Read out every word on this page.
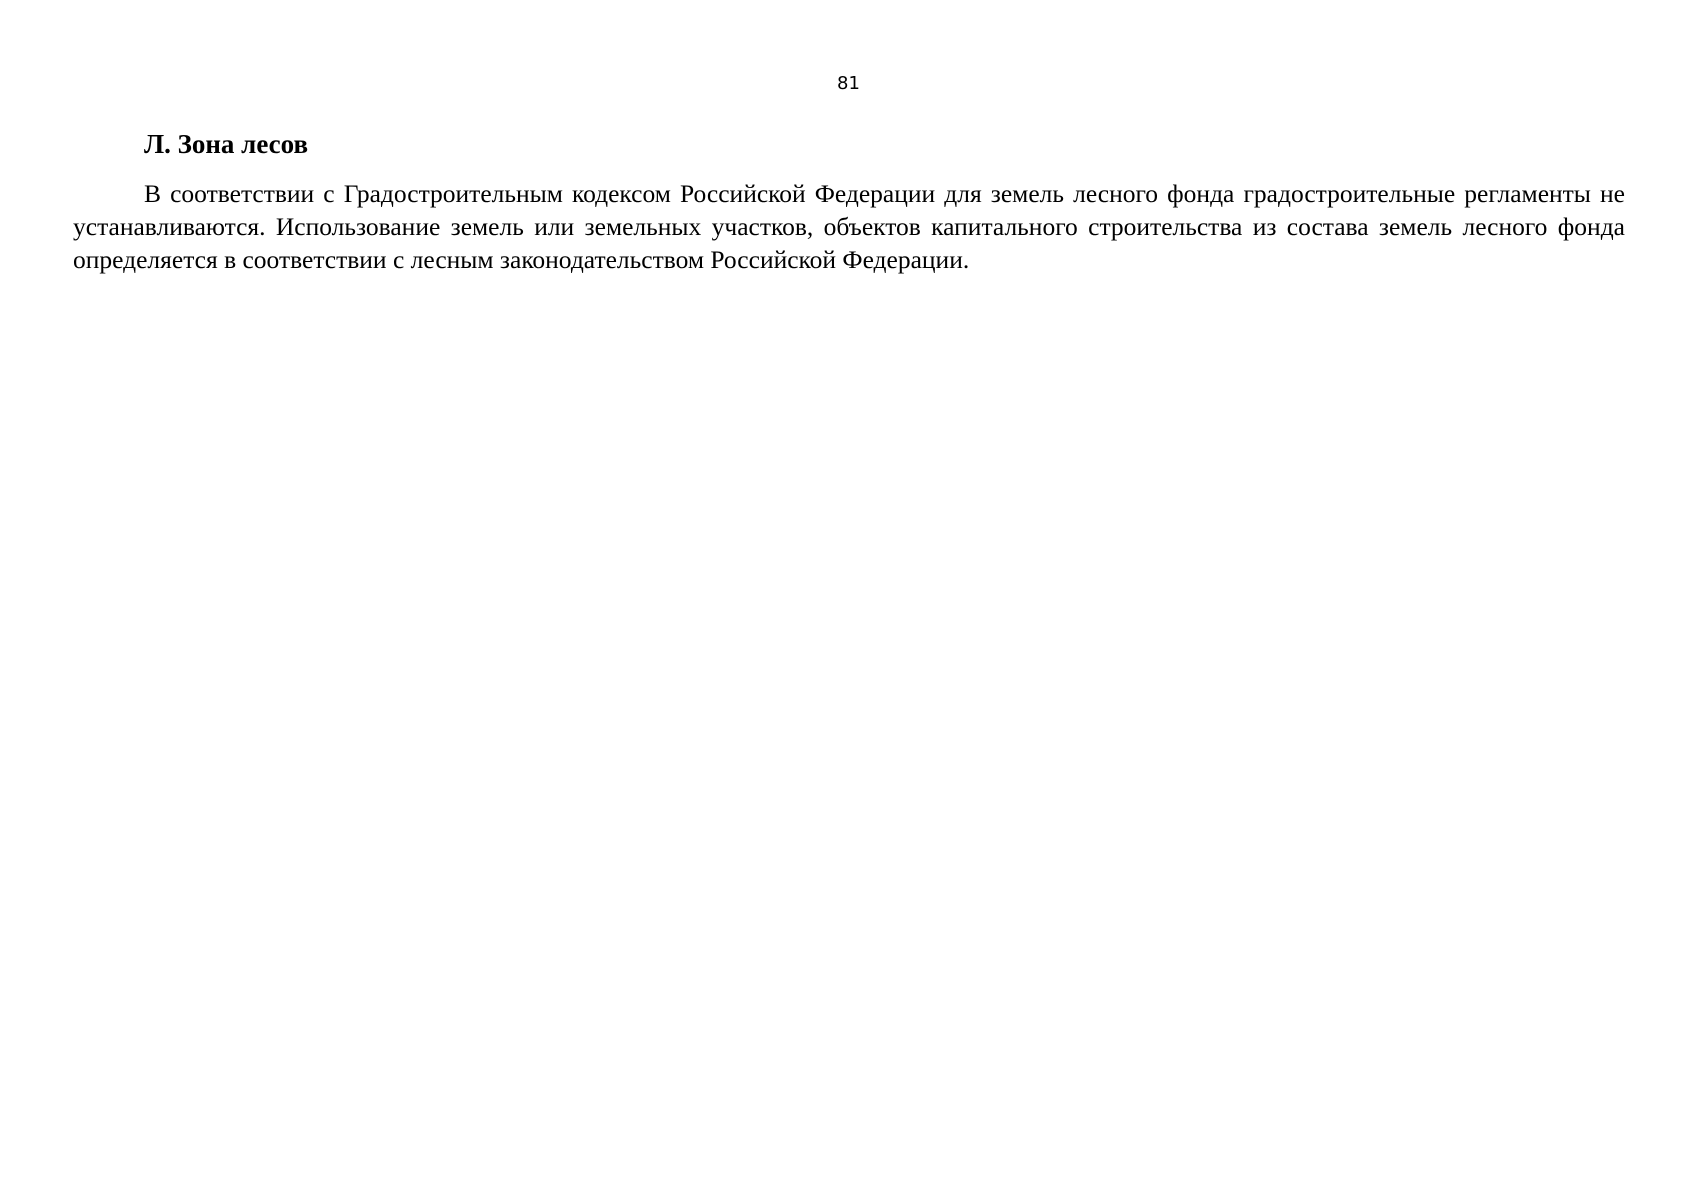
81
Л. Зона лесов

В соответствии с Градостроительным кодексом Российской Федерации для земель лесного фонда градостроительные регламенты не устанавливаются. Использование земель или земельных участков, объектов капитального строительства из состава земель лесного фонда определяется в соответствии с лесным законодательством Российской Федерации.
